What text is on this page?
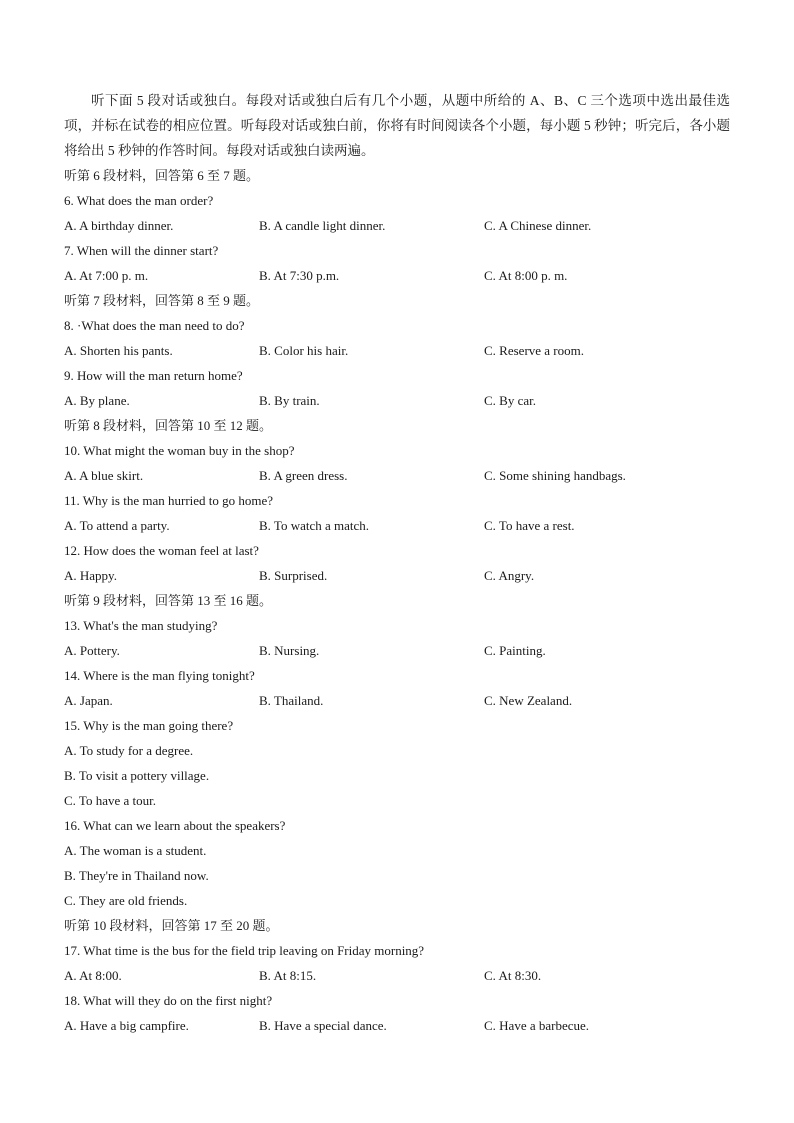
听下面 5 段对话或独白。每段对话或独白后有几个小题，从题中所给的 A、B、C 三个选项中选出最佳选项，并标在试卷的相应位置。听每段对话或独白前，你将有时间阅读各个小题，每小题 5 秒钟；听完后，各小题将给出 5 秒钟的作答时间。每段对话或独白读两遍。

听第 6 段材料，回答第 6 至 7 题。
6. What does the man order?
A. A birthday dinner.	B. A candle light dinner.	C. A Chinese dinner.
7. When will the dinner start?
A. At 7:00 p. m.	B. At 7:30 p.m.	C. At 8:00 p. m.
听第 7 段材料，回答第 8 至 9 题。
8. ·What does the man need to do?
A. Shorten his pants.	B. Color his hair.	C. Reserve a room.
9. How will the man return home?
A. By plane.	B. By train.	C. By car.
听第 8 段材料，回答第 10 至 12 题。
10. What might the woman buy in the shop?
A. A blue skirt.	B. A green dress.	C. Some shining handbags.
11. Why is the man hurried to go home?
A. To attend a party.	B. To watch a match.	C. To have a rest.
12. How does the woman feel at last?
A. Happy.	B. Surprised.	C. Angry.
听第 9 段材料，回答第 13 至 16 题。
13. What's the man studying?
A. Pottery.	B. Nursing.	C. Painting.
14. Where is the man flying tonight?
A. Japan.	B. Thailand.	C. New Zealand.
15. Why is the man going there?
A. To study for a degree.
B. To visit a pottery village.
C. To have a tour.
16. What can we learn about the speakers?
A. The woman is a student.
B. They're in Thailand now.
C. They are old friends.
听第 10 段材料，回答第 17 至 20 题。
17. What time is the bus for the field trip leaving on Friday morning?
A. At 8:00.	B. At 8:15.	C. At 8:30.
18. What will they do on the first night?
A. Have a big campfire.	B. Have a special dance.	C. Have a barbecue.
